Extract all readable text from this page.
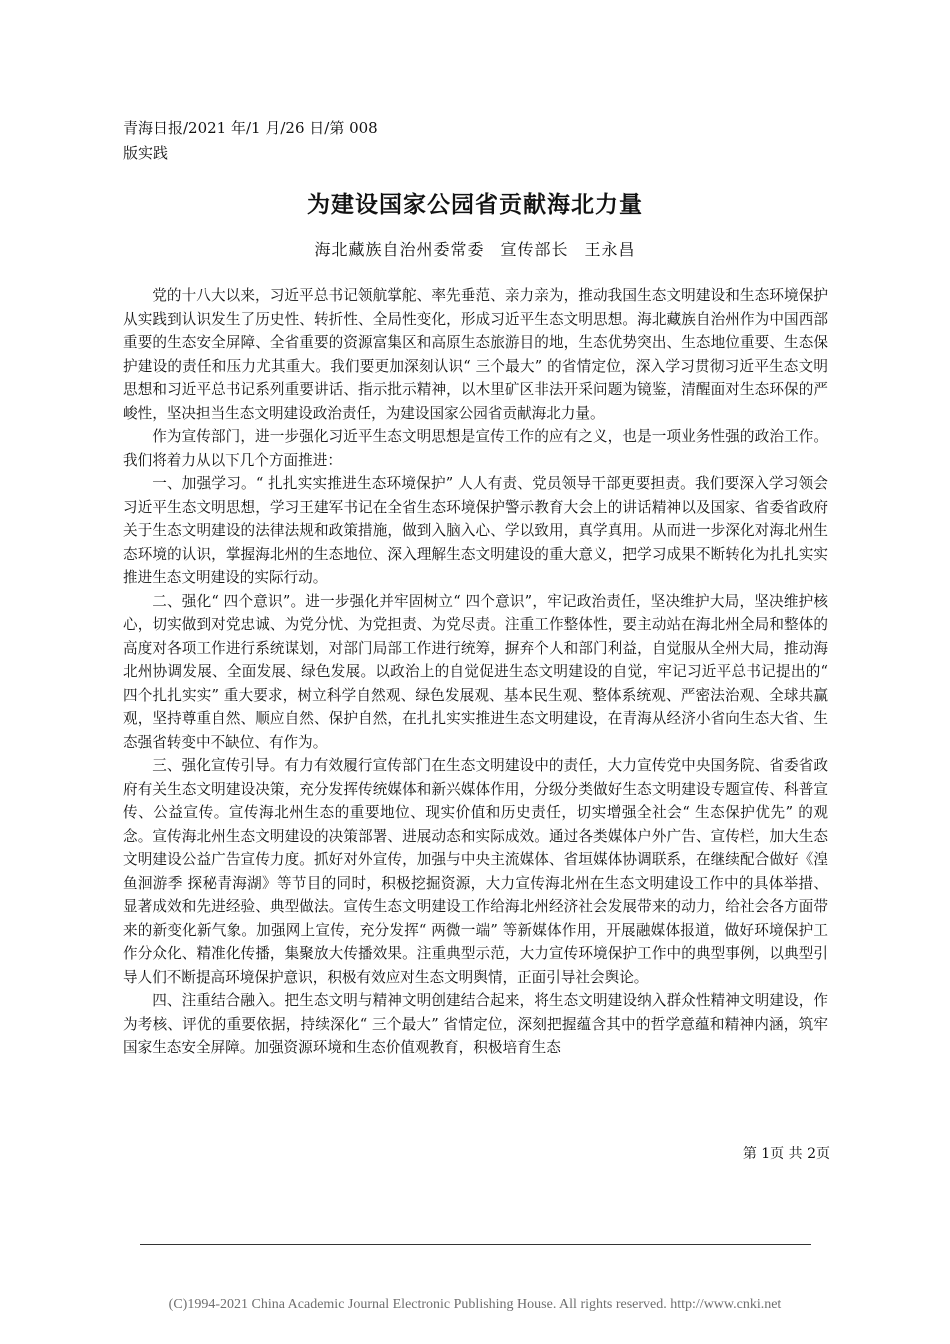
青海日报/2021 年/1 月/26 日/第 008 版实践
为建设国家公园省贡献海北力量
海北藏族自治州委常委 宣传部长 王永昌

党的十八大以来，习近平总书记领航掌舵、率先垂范、亲力亲为，推动我国生态文明建设和生态环境保护从实践到认识发生了历史性、转折性、全局性变化，形成习近平生态文明思想。海北藏族自治州作为中国西部重要的生态安全屏障、全省重要的资源富集区和高原生态旅游目的地，生态优势突出、生态地位重要、生态保护建设的责任和压力尤其重大。我们要更加深刻认识“ 三个最大” 的省情定位，深入学习贯彻习近平生态文明思想和习近平总书记系列重要讲话、指示批示精神，以木里矿区非法开采问题为镜鉴，清醒面对生态环保的严峻性，坚决担当生态文明建设政治责任，为建设国家公园省贡献海北力量。

作为宣传部门，进一步强化习近平生态文明思想是宣传工作的应有之义，也是一项业务性强的政治工作。我们将着力从以下几个方面推进：

一、加强学习。“ 扎扎实实推进生态环境保护” 人人有责、党员领导干部更要担责。我们要深入学习领会习近平生态文明思想，学习王建军书记在全省生态环境保护警示教育大会上的讲话精神以及国家、省委省政府关于生态文明建设的法律法规和政策措施，做到入脑入心、学以致用，真学真用。从而进一步深化对海北州生态环境的认识，掌握海北州的生态地位、深入理解生态文明建设的重大意义，把学习成果不断转化为扎扎实实推进生态文明建设的实际行动。

二、强化“ 四个意识”。进一步强化并牢固树立“ 四个意识”，牢记政治责任，坚决维护大局，坚决维护核心，切实做到对党忠诚、为党分忧、为党担责、为党尽责。注重工作整体性，要主动站在海北州全局和整体的高度对各项工作进行系统谋划，对部门局部工作进行统筹，摒弃个人和部门利益，自觉服从全州大局，推动海北州协调发展、全面发展、绿色发展。以政治上的自觉促进生态文明建设的自觉，牢记习近平总书记提出的“ 四个扎扎实实” 重大要求，树立科学自然观、绿色发展观、基本民生观、整体系统观、严密法治观、全球共赢观，坚持尊重自然、顺应自然、保护自然，在扎扎实实推进生态文明建设，在青海从经济小省向生态大省、生态强省转变中不缺位、有作为。

三、强化宣传引导。有力有效履行宣传部门在生态文明建设中的责任，大力宣传党中央国务院、省委省政府有关生态文明建设决策，充分发挥传统媒体和新兴媒体作用，分级分类做好生态文明建设专题宣传、科普宣传、公益宣传。宣传海北州生态的重要地位、现实价值和历史责任，切实增强全社会“ 生态保护优先” 的观念。宣传海北州生态文明建设的决策部署、进展动态和实际成效。通过各类媒体户外广告、宣传栏，加大生态文明建设公益广告宣传力度。抓好对外宣传，加强与中央主流媒体、省垣媒体协调联系，在继续配合做好《湟鱼洄游季 探秘青海湖》等节目的同时，积极挖掘资源，大力宣传海北州在生态文明建设工作中的具体举措、显著成效和先进经验、典型做法。宣传生态文明建设工作给海北州经济社会发展带来的动力，给社会各方面带来的新变化新气象。加强网上宣传，充分发挥“ 两微一端” 等新媒体作用，开展融媒体报道，做好环境保护工作分众化、精准化传播，集聚放大传播效果。注重典型示范，大力宣传环境保护工作中的典型事例，以典型引导人们不断提高环境保护意识，积极有效应对生态文明舆情，正面引导社会舆论。

四、注重结合融入。把生态文明与精神文明创建结合起来，将生态文明建设纳入群众性精神文明建设，作为考核、评优的重要依据，持续深化“ 三个最大” 省情定位，深刻把握蕴含其中的哲学意蕴和精神内涵，筑牢国家生态安全屏障。加强资源环境和生态价值观教育，积极培育生态

第 1页 共 2页
(C)1994-2021 China Academic Journal Electronic Publishing House. All rights reserved. http://www.cnki.net
